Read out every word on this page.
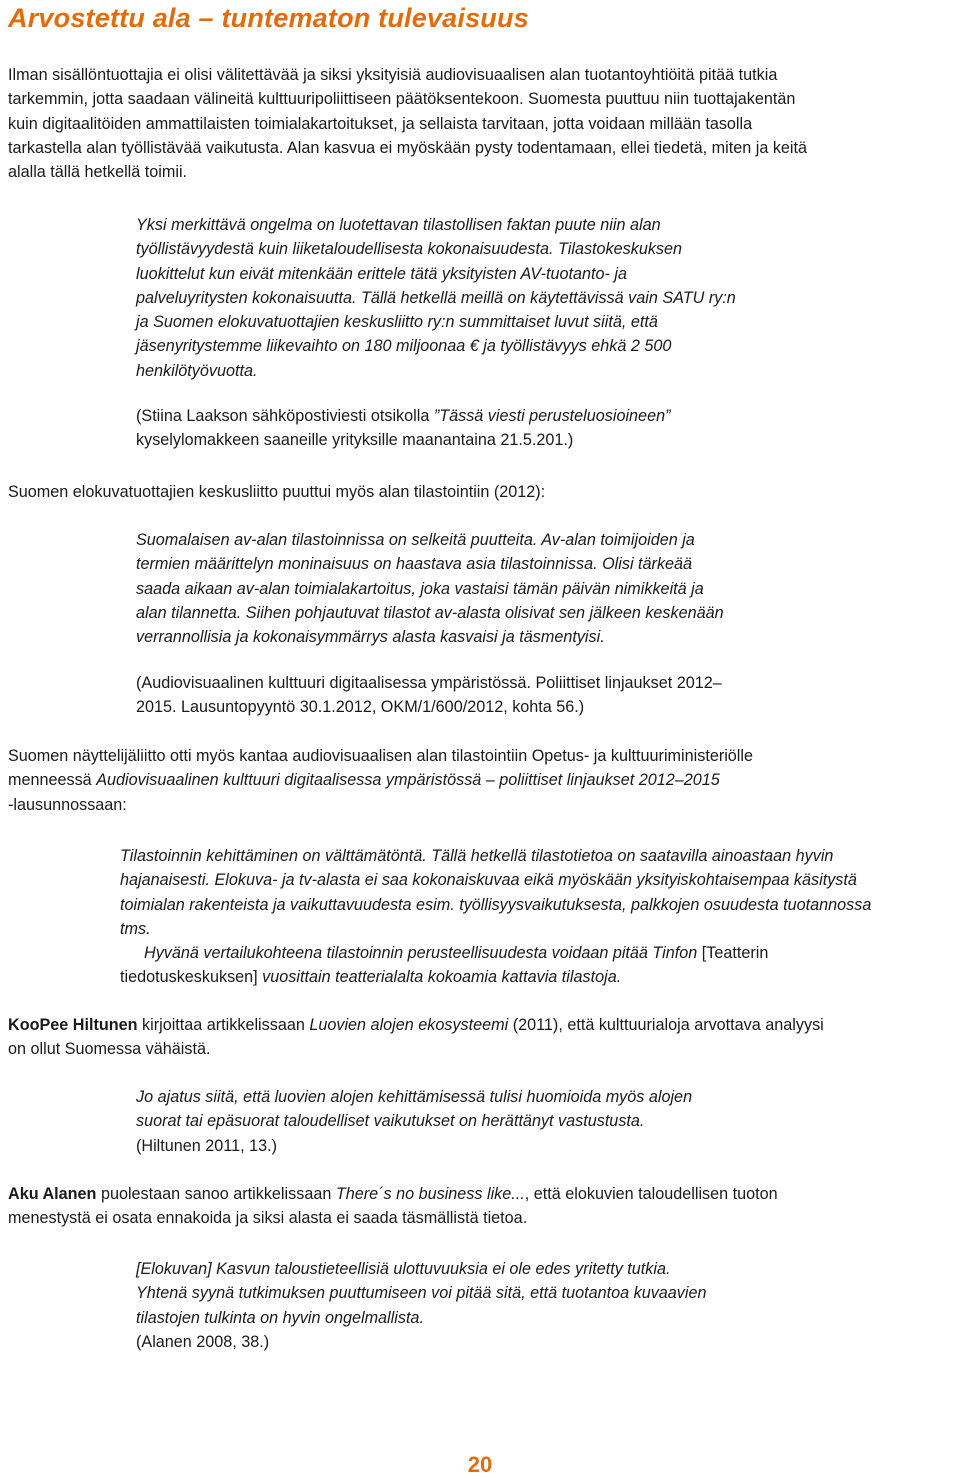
Arvostettu ala – tuntematon tulevaisuus
Ilman sisällöntuottajia ei olisi välitettävää ja siksi yksityisiä audiovisuaalisen alan tuotantoyhtiöitä pitää tutkia
tarkemmin, jotta saadaan välineitä kulttuuripoliittiseen päätöksentekoon. Suomesta puuttuu niin tuottajakentän
kuin digitaalitöiden ammattilaisten toimialakartoitukset, ja sellaista tarvitaan, jotta voidaan millään tasolla
tarkastella alan työllistävää vaikutusta. Alan kasvua ei myöskään pysty todentamaan, ellei tiedetä, miten ja keitä
alalla tällä hetkellä toimii.
Yksi merkittävä ongelma on luotettavan tilastollisen faktan puute niin alan
työllistävyydestä kuin liiketaloudellisesta kokonaisuudesta. Tilastokeskuksen
luokittelut kun eivät mitenkään erittele tätä yksityisten AV-tuotanto- ja
palveluyritysten kokonaisuutta. Tällä hetkellä meillä on käytettävissä vain SATU ry:n
ja Suomen elokuvatuottajien keskusliitto ry:n summittaiset luvut siitä, että
jäsenyritystemme liikevaihto on 180 miljoonaa € ja työllistävyys ehkä 2 500
henkilötyövuotta.
(Stiina Laakson sähköpostiviesti otsikolla ”Tässä viesti perusteluosioineen”
kyselylomakkeen saaneille yrityksille maanantaina 21.5.201.)
Suomen elokuvatuottajien keskusliitto puuttui myös alan tilastointiin (2012):
Suomalaisen av-alan tilastoinnissa on selkeitä puutteita. Av-alan toimijoiden ja
termien määrittelyn moninaisuus on haastava asia tilastoinnissa. Olisi tärkeää
saada aikaan av-alan toimialakartoitus, joka vastaisi tämän päivän nimikkeitä ja
alan tilannetta. Siihen pohjautuvat tilastot av-alasta olisivat sen jälkeen keskenään
verrannollisia ja kokonaisymmärrys alasta kasvaisi ja täsmentyisi.
(Audiovisuaalinen kulttuuri digitaalisessa ympäristössä. Poliittiset linjaukset 2012–
2015. Lausuntopyyntö 30.1.2012, OKM/1/600/2012, kohta 56.)
Suomen näyttelijäliitto otti myös kantaa audiovisuaalisen alan tilastointiin Opetus- ja kulttuuriministeriölle
menneessä Audiovisuaalinen kulttuuri digitaalisessa ympäristössä – poliittiset linjaukset 2012–2015
-lausunnossaan:
Tilastoinnin kehittäminen on välttämätöntä. Tällä hetkellä tilastotietoa on saatavilla ainoastaan hyvin
hajanaisesti. Elokuva- ja tv-alasta ei saa kokonaiskuvaa eikä myöskään yksityiskohtaisempaa käsitystä
toimialan rakenteista ja vaikuttavuudesta esim. työllisyysvaikutuksesta, palkkojen osuudesta tuotannossa
tms.
Hyvänä vertailukohteena tilastoinnin perusteellisuudesta voidaan pitää Tinfon [Teatterin
tiedotuskeskuksen] vuosittain teatterialalta kokoamia kattavia tilastoja.
KooPee Hiltunen kirjoittaa artikkelissaan Luovien alojen ekosysteemi (2011), että kulttuurialoja arvottava analyysi
on ollut Suomessa vähäistä.
Jo ajatus siitä, että luovien alojen kehittämisessä tulisi huomioida myös alojen
suorat tai epäsuorat taloudelliset vaikutukset on herättänyt vastustusta.
(Hiltunen 2011, 13.)
Aku Alanen puolestaan sanoo artikkelissaan There´s no business like..., että elokuvien taloudellisen tuoton
menestystä ei osata ennakoida ja siksi alasta ei saada täsmällistä tietoa.
[Elokuvan] Kasvun taloustieteellisiä ulottuvuuksia ei ole edes yritetty tutkia.
Yhtenä syynä tutkimuksen puuttumiseen voi pitää sitä, että tuotantoa kuvaavien
tilastojen tulkinta on hyvin ongelmallista.
(Alanen 2008, 38.)
20
